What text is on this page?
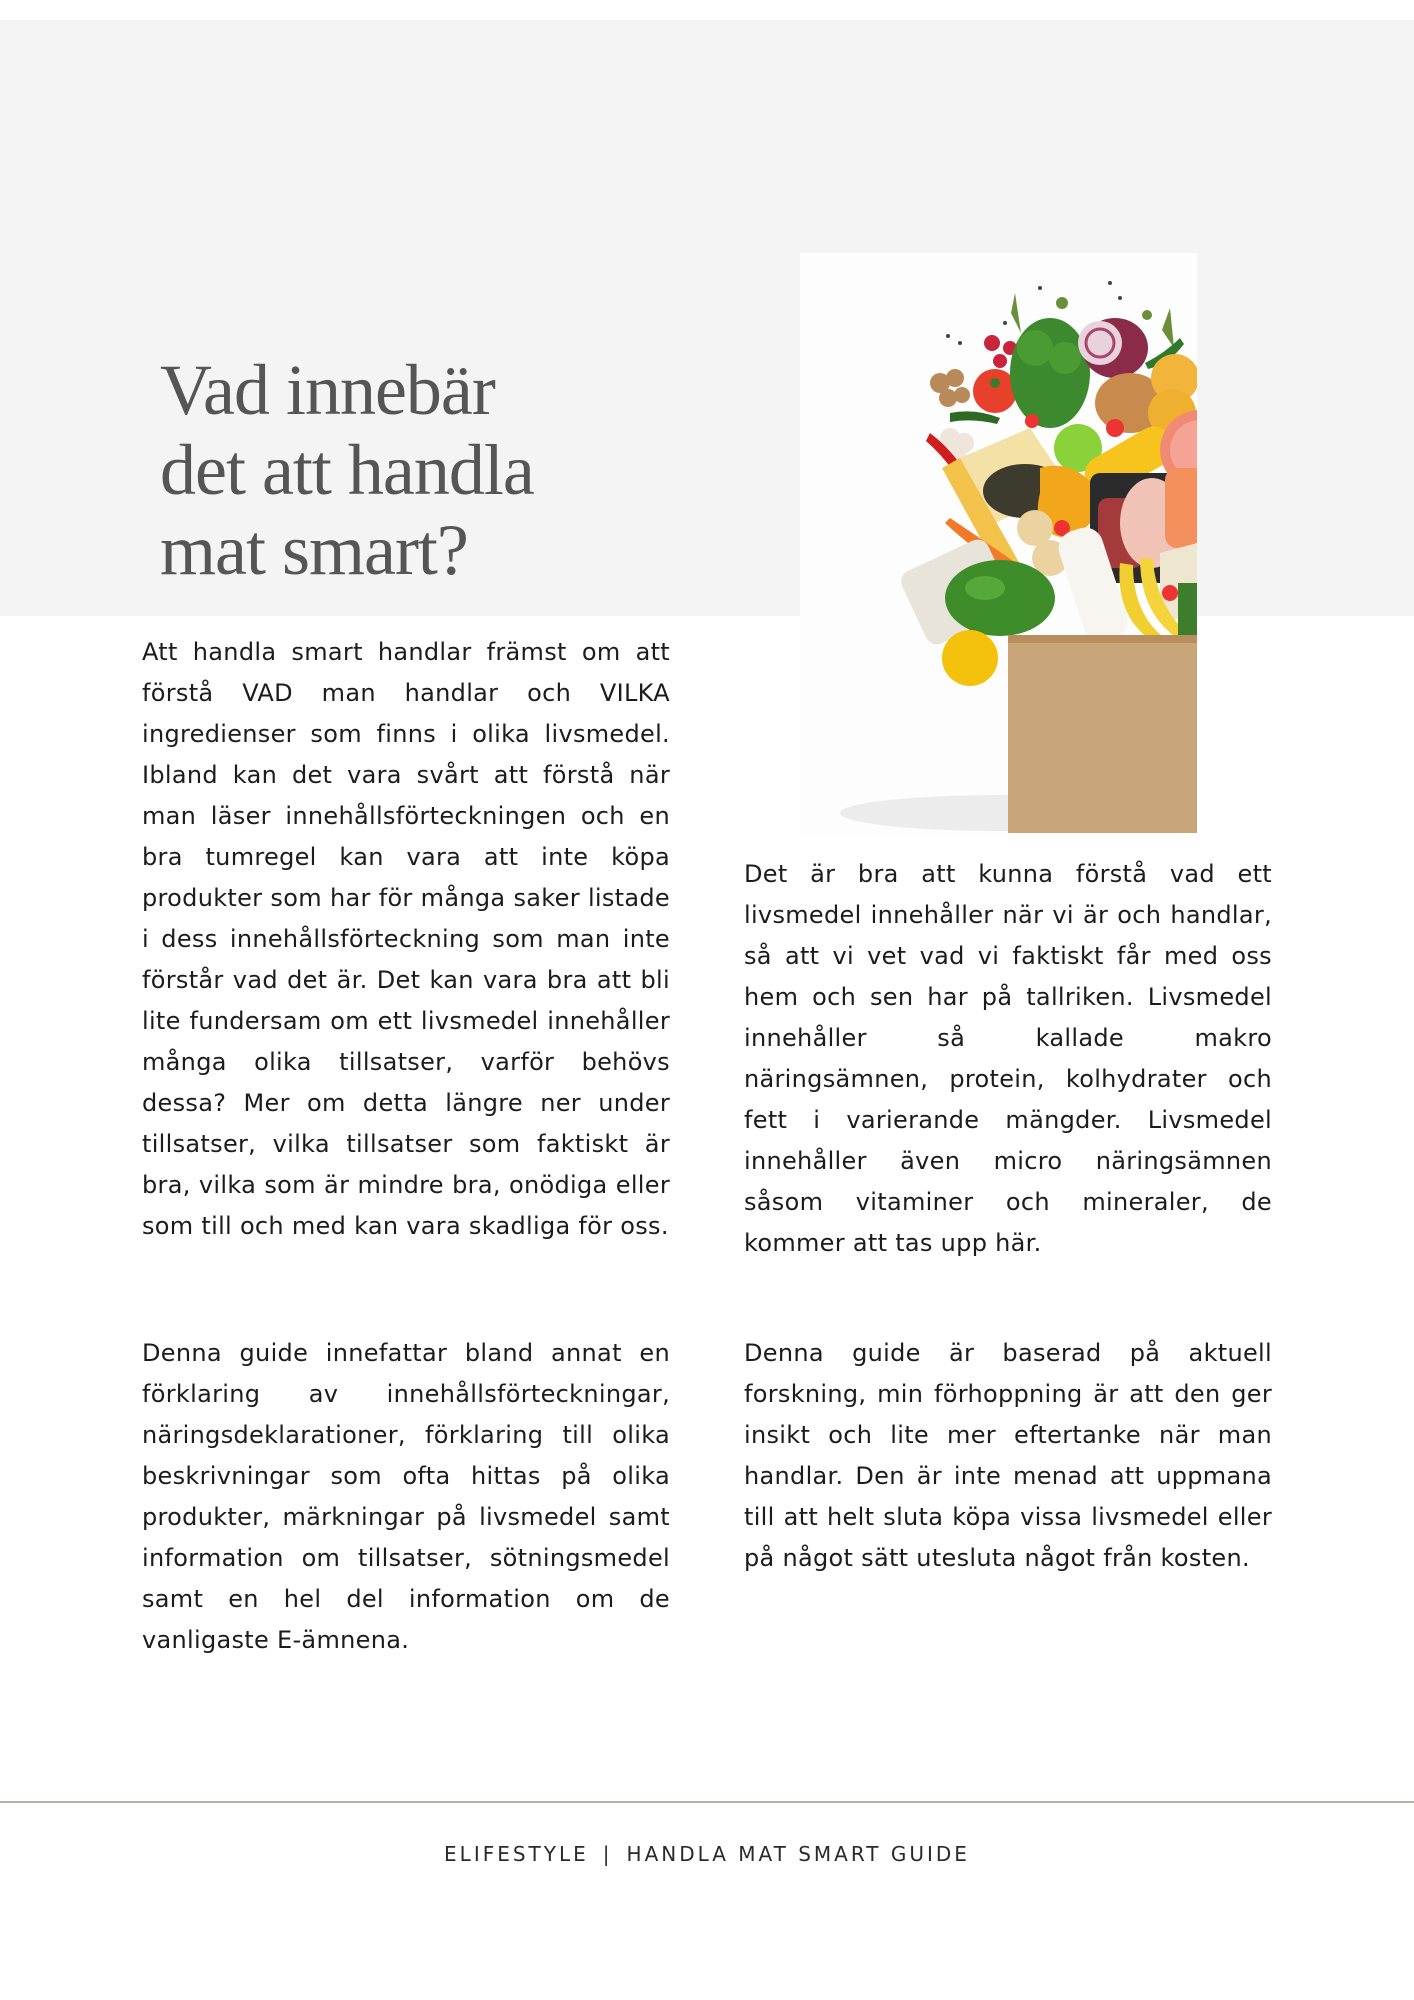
Vad innebär
det att handla
mat smart?

Att handla smart handlar främst om att förstå VAD man handlar och VILKA ingredienser som finns i olika livsmedel. Ibland kan det vara svårt att förstå när man läser innehållsförteckningen och en bra tumregel kan vara att inte köpa produkter som har för många saker listade i dess innehållsförteckning som man inte förstår vad det är. Det kan vara bra att bli lite fundersam om ett livsmedel innehåller många olika tillsatser, varför behövs dessa? Mer om detta längre ner under tillsatser, vilka tillsatser som faktiskt är bra, vilka som är mindre bra, onödiga eller som till och med kan vara skadliga för oss.

Det är bra att kunna förstå vad ett livsmedel innehåller när vi är och handlar, så att vi vet vad vi faktiskt får med oss hem och sen har på tallriken. Livsmedel innehåller så kallade makro näringsämnen, protein, kolhydrater och fett i varierande mängder. Livsmedel innehåller även micro näringsämnen såsom vitaminer och mineraler, de kommer att tas upp här.

Denna guide innefattar bland annat en förklaring av innehållsförteckningar, näringsdeklarationer, förklaring till olika beskrivningar som ofta hittas på olika produkter, märkningar på livsmedel samt information om tillsatser, sötningsmedel samt en hel del information om de vanligaste E-ämnena.

Denna guide är baserad på aktuell forskning, min förhoppning är att den ger insikt och lite mer eftertanke när man handlar. Den är inte menad att uppmana till att helt sluta köpa vissa livsmedel eller på något sätt utesluta något från kosten.

ELIFESTYLE | HANDLA MAT SMART GUIDE
